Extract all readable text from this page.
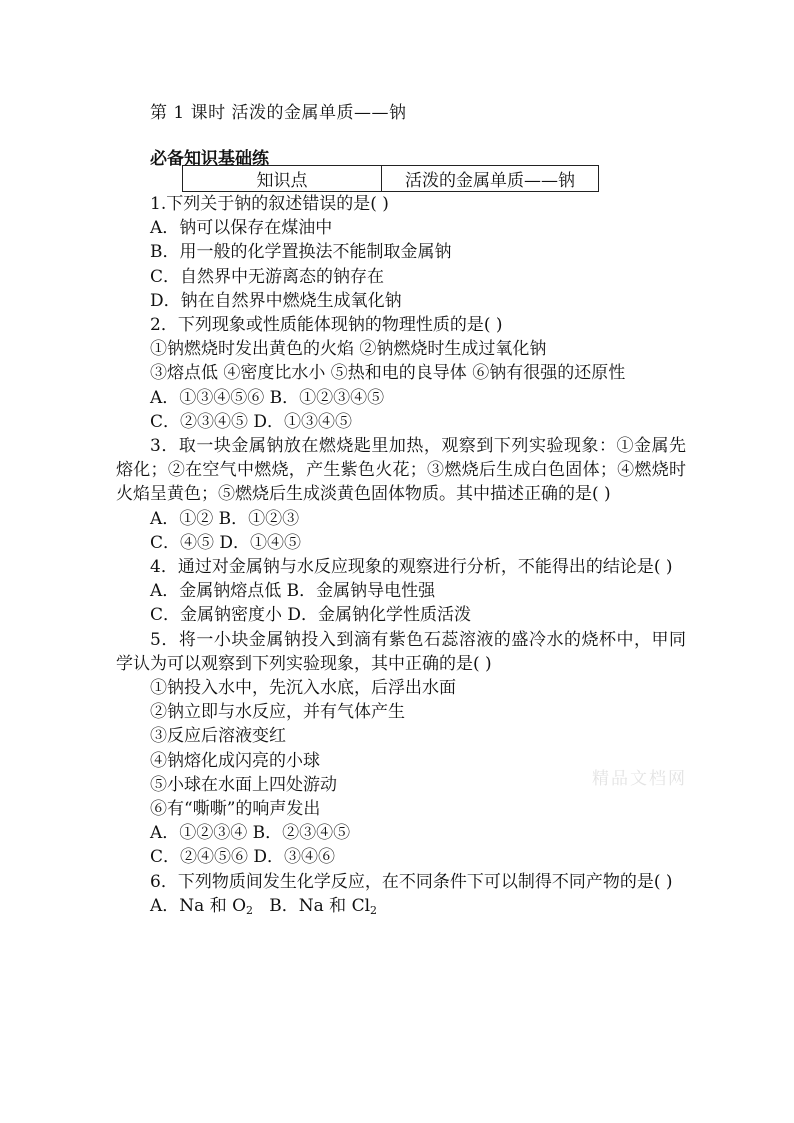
第 1 课时 活泼的金属单质——钠
必备知识基础练
知识点	活泼的金属单质——钠

1.下列关于钠的叙述错误的是( )

A．钠可以保存在煤油中

B．用一般的化学置换法不能制取金属钠

C．自然界中无游离态的钠存在

D．钠在自然界中燃烧生成氧化钠

2．下列现象或性质能体现钠的物理性质的是( )

①钠燃烧时发出黄色的火焰 ②钠燃烧时生成过氧化钠

③熔点低 ④密度比水小 ⑤热和电的良导体 ⑥钠有很强的还原性

A．①③④⑤⑥ B．①②③④⑤

C．②③④⑤ D．①③④⑤

3．取一块金属钠放在燃烧匙里加热，观察到下列实验现象：①金属先熔化；②在空气中燃烧，产生紫色火花；③燃烧后生成白色固体；④燃烧时火焰呈黄色；⑤燃烧后生成淡黄色固体物质。其中描述正确的是( )

A．①② B．①②③

C．④⑤ D．①④⑤

4．通过对金属钠与水反应现象的观察进行分析，不能得出的结论是( )

A．金属钠熔点低 B．金属钠导电性强

C．金属钠密度小 D．金属钠化学性质活泼

5．将一小块金属钠投入到滴有紫色石蕊溶液的盛冷水的烧杯中，甲同学认为可以观察到下列实验现象，其中正确的是( )

①钠投入水中，先沉入水底，后浮出水面

②钠立即与水反应，并有气体产生

③反应后溶液变红

④钠熔化成闪亮的小球

⑤小球在水面上四处游动

⑥有“嘶嘶”的响声发出

A．①②③④ B．②③④⑤

C．②④⑤⑥ D．③④⑥

6．下列物质间发生化学反应，在不同条件下可以制得不同产物的是( )

A．Na 和 $O_2$   B．Na 和 $Cl_2$

精品文档网
